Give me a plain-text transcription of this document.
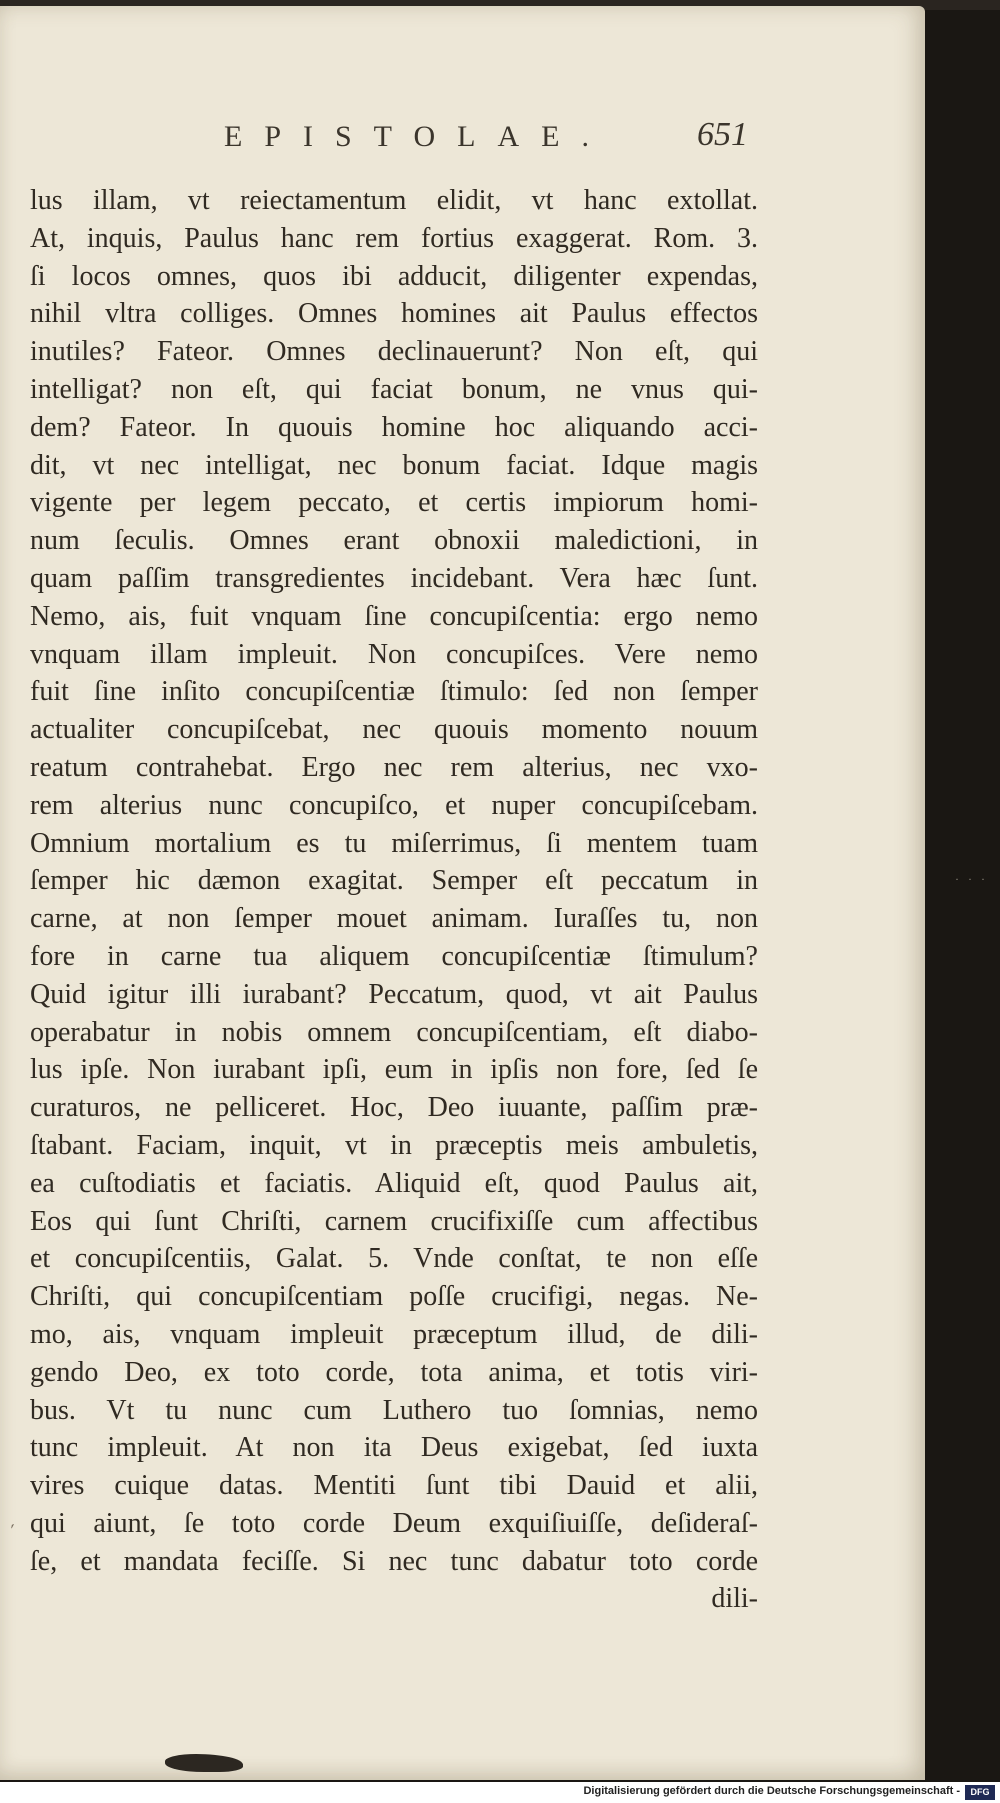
EPISTOLAE.	651
lus illam, vt reiectamentum elidit, vt hanc extollat.
At, inquis, Paulus hanc rem fortius exaggerat. Rom. 3.
ſi locos omnes, quos ibi adducit, diligenter expendas,
nihil vltra colliges. Omnes homines ait Paulus effectos
inutiles? Fateor. Omnes declinauerunt? Non eſt, qui
intelligat? non eſt, qui faciat bonum, ne vnus qui-
dem? Fateor. In quouis homine hoc aliquando acci-
dit, vt nec intelligat, nec bonum faciat. Idque magis
vigente per legem peccato, et certis impiorum homi-
num ſeculis. Omnes erant obnoxii maledictioni, in
quam paſſim transgredientes incidebant. Vera hæc ſunt.
Nemo, ais, fuit vnquam ſine concupiſcentia: ergo nemo
vnquam illam impleuit. Non concupiſces. Vere nemo
fuit ſine inſito concupiſcentiæ ſtimulo: ſed non ſemper
actualiter concupiſcebat, nec quouis momento nouum
reatum contrahebat. Ergo nec rem alterius, nec vxo-
rem alterius nunc concupiſco, et nuper concupiſcebam.
Omnium mortalium es tu miſerrimus, ſi mentem tuam
ſemper hic dæmon exagitat. Semper eſt peccatum in
carne, at non ſemper mouet animam. Iuraſſes tu, non
fore in carne tua aliquem concupiſcentiæ ſtimulum?
Quid igitur illi iurabant? Peccatum, quod, vt ait Paulus
operabatur in nobis omnem concupiſcentiam, eſt diabo-
lus ipſe. Non iurabant ipſi, eum in ipſis non fore, ſed ſe
curaturos, ne pelliceret. Hoc, Deo iuuante, paſſim præ-
ſtabant. Faciam, inquit, vt in præceptis meis ambuletis,
ea cuſtodiatis et faciatis. Aliquid eſt, quod Paulus ait,
Eos qui ſunt Chriſti, carnem crucifixiſſe cum affectibus
et concupiſcentiis, Galat. 5. Vnde conſtat, te non eſſe
Chriſti, qui concupiſcentiam poſſe crucifigi, negas. Ne-
mo, ais, vnquam impleuit præceptum illud, de dili-
gendo Deo, ex toto corde, tota anima, et totis viri-
bus. Vt tu nunc cum Luthero tuo ſomnias, nemo
tunc impleuit. At non ita Deus exigebat, ſed iuxta
vires cuique datas. Mentiti ſunt tibi Dauid et alii,
qui aiunt, ſe toto corde Deum exquiſiuiſſe, deſideraſ-
ſe, et mandata feciſſe. Si nec tunc dabatur toto corde
dili-
´
· · ·
Digitalisierung gefördert durch die Deutsche Forschungsgemeinschaft -	DFG
